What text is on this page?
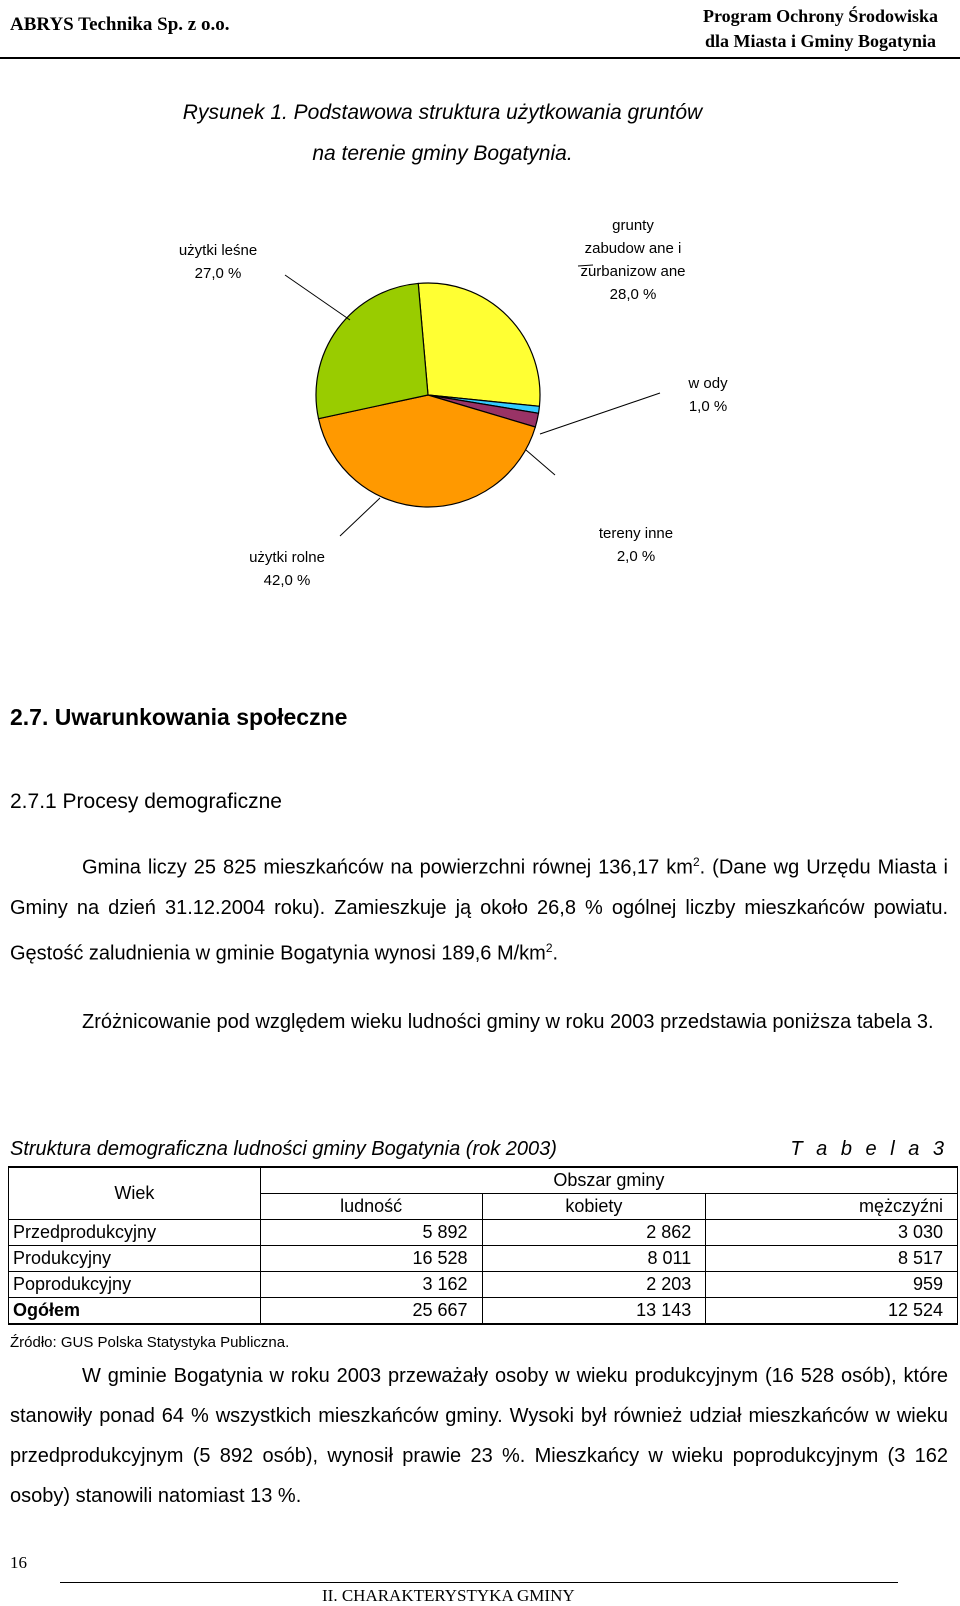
ABRYS Technika Sp. z o.o.	Program Ochrony Środowiska
dla Miasta i Gminy Bogatynia
Rysunek 1. Podstawowa struktura użytkowania gruntów
na terenie gminy Bogatynia.
grunty zabudow ane i zurbanizow ane 28,0 %
w ody 1,0 %
tereny inne 2,0 %
użytki rolne 42,0 %
użytki leśne 27,0 %
2.7. Uwarunkowania społeczne
2.7.1 Procesy demograficzne
Gmina liczy 25 825 mieszkańców na powierzchni równej 136,17 $km^2$. (Dane wg Urzędu Miasta i Gminy na dzień 31.12.2004 roku). Zamieszkuje ją około 26,8 % ogólnej liczby mieszkańców powiatu. Gęstość zaludnienia w gminie Bogatynia wynosi 189,6 $M/km^2$.
Zróżnicowanie pod względem wieku ludności gminy w roku 2003 przedstawia poniższa tabela 3.
Struktura demograficzna ludności gminy Bogatynia (rok 2003)	T a b e l a 3
Wiek	Obszar gminy		
	ludność	kobiety	mężczyźni
Przedprodukcyjny	5 892	2 862	3 030
Produkcyjny	16 528	8 011	8 517
Poprodukcyjny	3 162	2 203	959
Ogółem	25 667	13 143	12 524
Źródło: GUS Polska Statystyka Publiczna.
W gminie Bogatynia w roku 2003 przeważały osoby w wieku produkcyjnym (16 528 osób), które stanowiły ponad 64 % wszystkich mieszkańców gminy. Wysoki był również udział mieszkańców w wieku przedprodukcyjnym (5 892 osób), wynosił prawie 23 %. Mieszkańcy w wieku poprodukcyjnym (3 162 osoby) stanowili natomiast 13 %.
16
II. CHARAKTERYSTYKA GMINY
